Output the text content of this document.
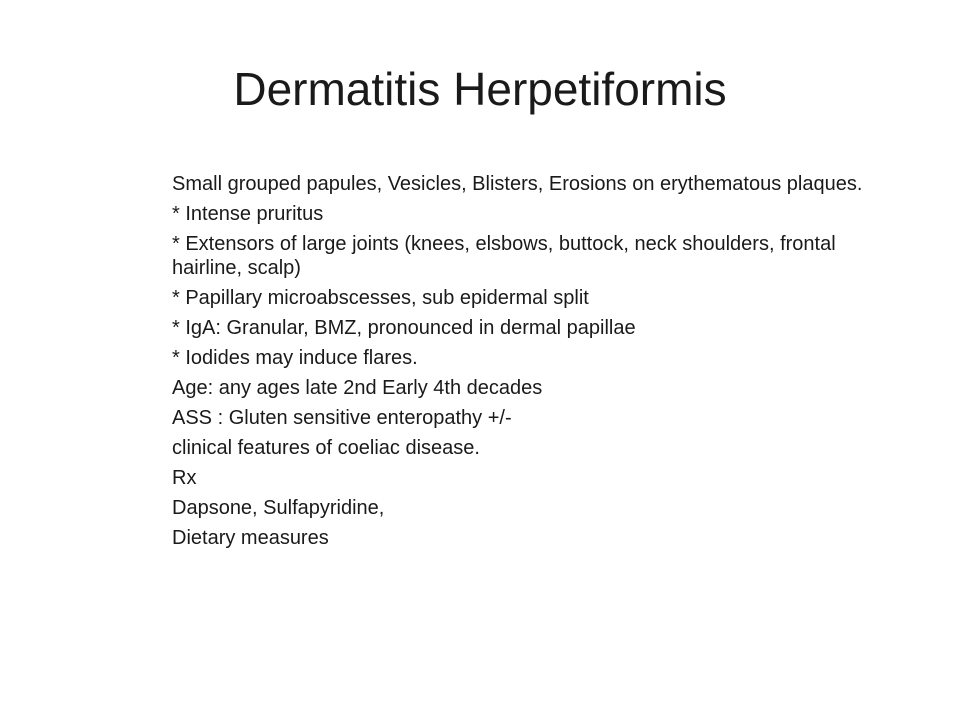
Dermatitis Herpetiformis
Small grouped papules, Vesicles, Blisters, Erosions on erythematous plaques.
* Intense pruritus
* Extensors of large joints (knees, elsbows, buttock, neck shoulders, frontal hairline, scalp)
* Papillary microabscesses, sub epidermal split
* IgA: Granular, BMZ, pronounced in dermal papillae
* Iodides may induce flares.
Age: any ages late 2nd Early 4th decades
ASS : Gluten sensitive enteropathy +/-
clinical features of coeliac disease.
Rx
Dapsone, Sulfapyridine,
Dietary measures
